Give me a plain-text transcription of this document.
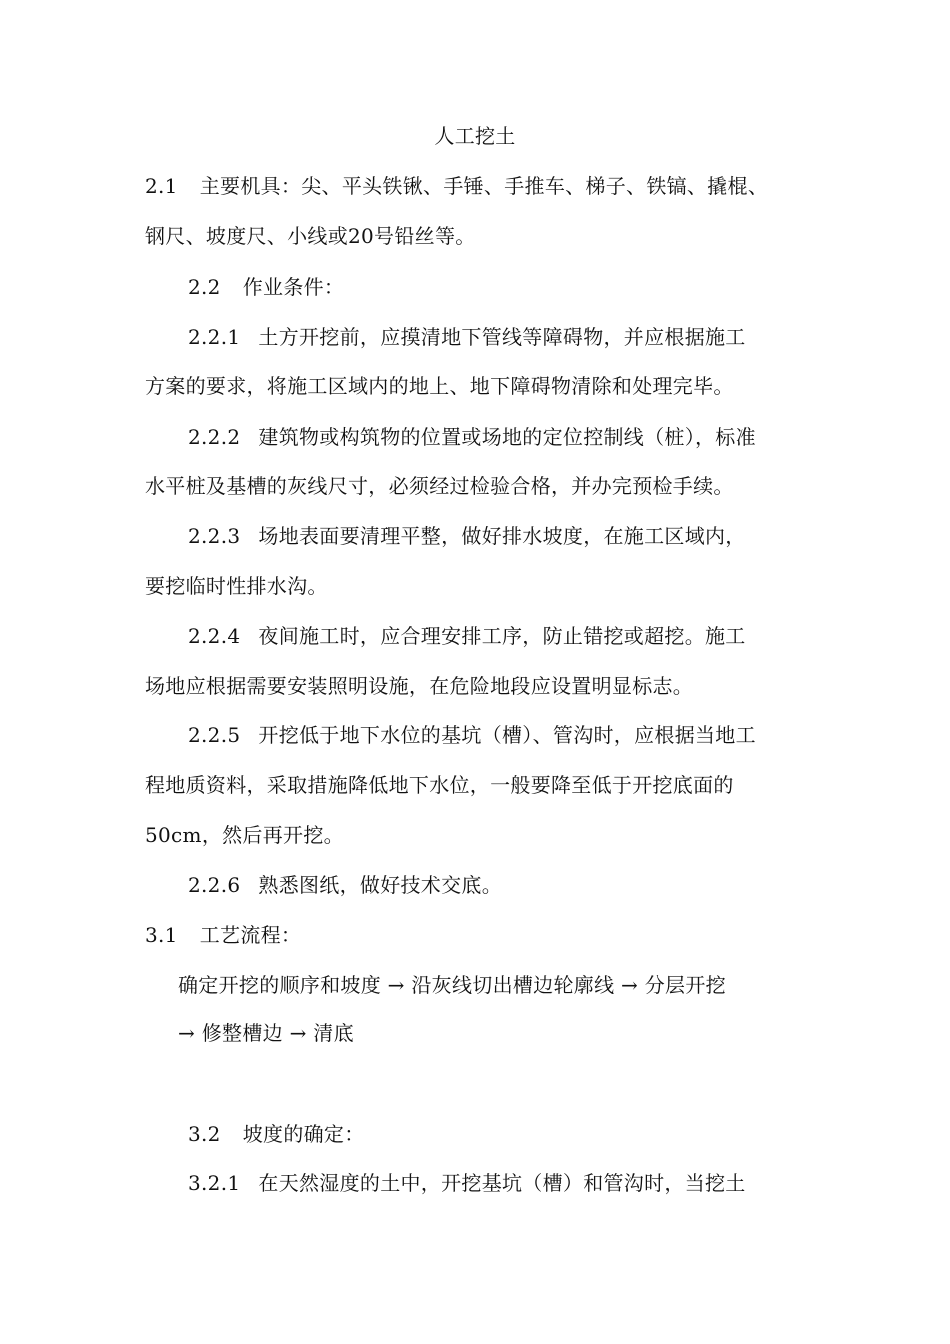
人工挖土
2.1 主要机具：尖、平头铁锹、手锤、手推车、梯子、铁镐、撬棍、
钢尺、坡度尺、小线或20号铅丝等。
2.2 作业条件：
2.2.1 土方开挖前，应摸清地下管线等障碍物，并应根据施工
方案的要求，将施工区域内的地上、地下障碍物清除和处理完毕。
2.2.2 建筑物或构筑物的位置或场地的定位控制线（桩），标准
水平桩及基槽的灰线尺寸，必须经过检验合格，并办完预检手续。
2.2.3 场地表面要清理平整，做好排水坡度，在施工区域内，
要挖临时性排水沟。
2.2.4 夜间施工时，应合理安排工序，防止错挖或超挖。施工
场地应根据需要安装照明设施，在危险地段应设置明显标志。
2.2.5 开挖低于地下水位的基坑（槽）、管沟时，应根据当地工
程地质资料，采取措施降低地下水位，一般要降至低于开挖底面的
50cm，然后再开挖。
2.2.6 熟悉图纸，做好技术交底。
3.1 工艺流程：
确定开挖的顺序和坡度 → 沿灰线切出槽边轮廓线 → 分层开挖
→ 修整槽边 → 清底
3.2 坡度的确定：
3.2.1 在天然湿度的土中，开挖基坑（槽）和管沟时，当挖土
